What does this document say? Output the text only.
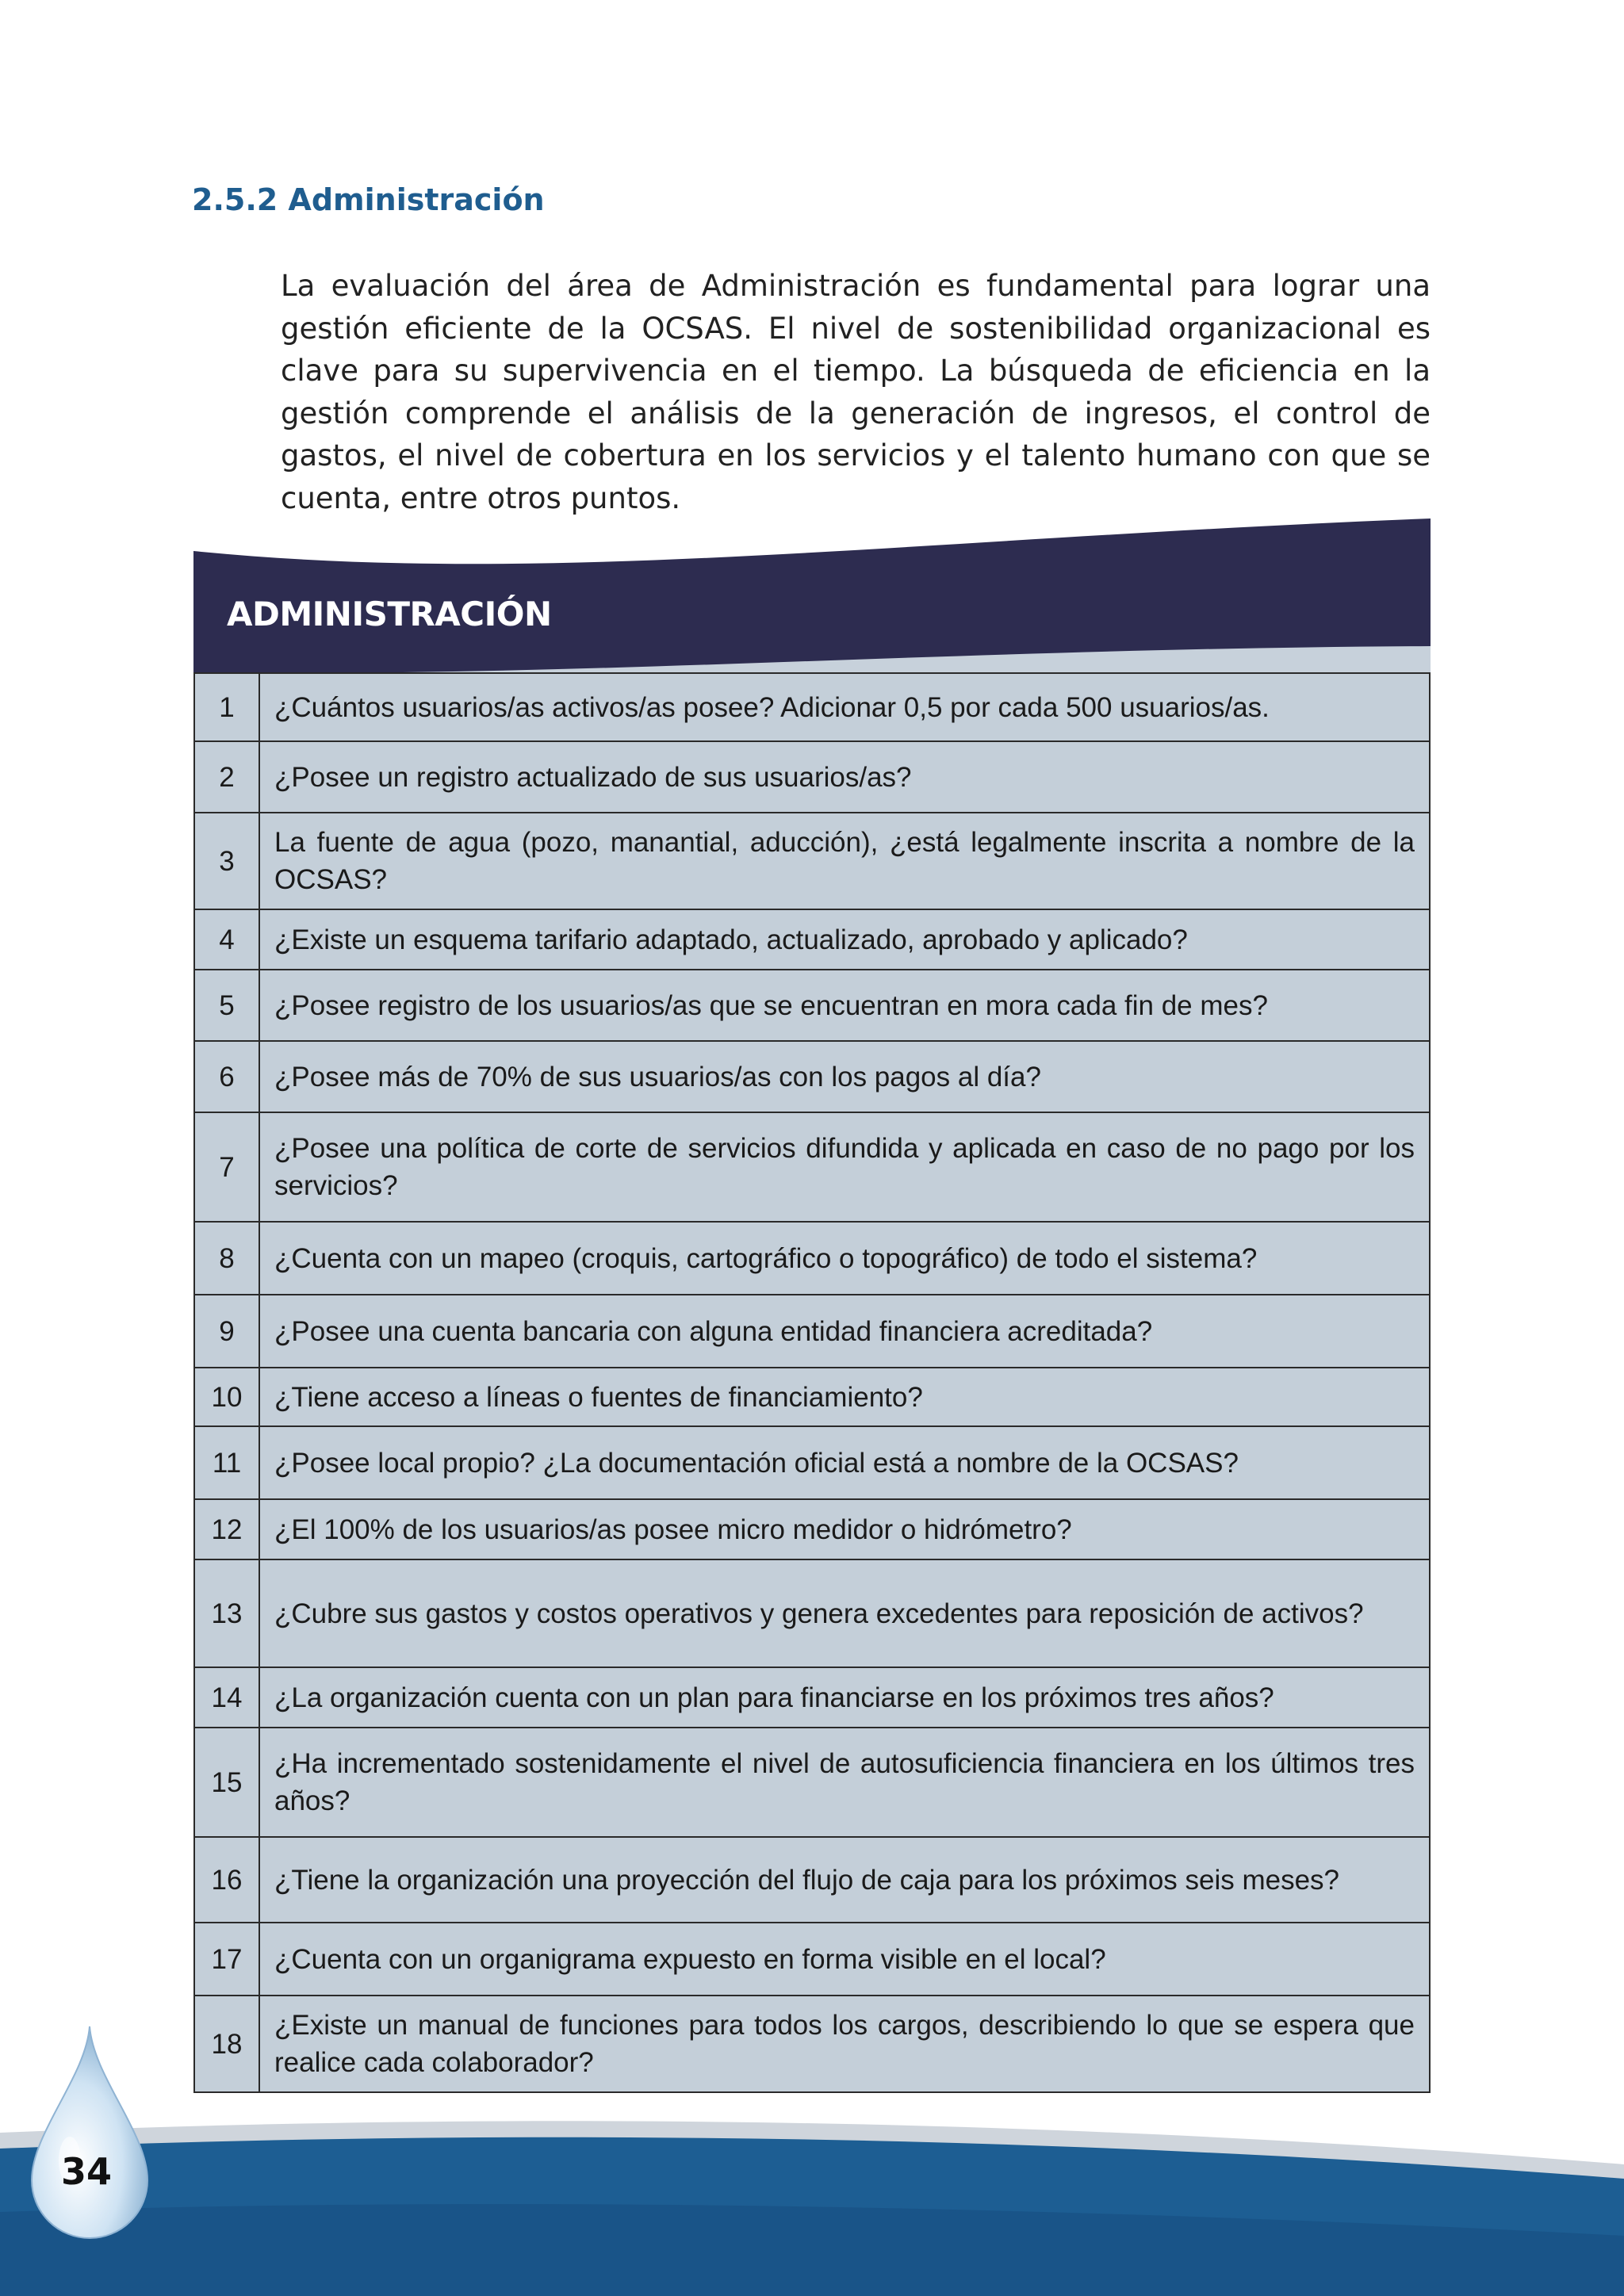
2.5.2 Administración

La evaluación del área de Administración es fundamental para lograr una gestión eficiente de la OCSAS. El nivel de sostenibilidad organizacional es clave para su supervivencia en el tiempo. La búsqueda de eficiencia en la gestión comprende el análisis de la generación de ingresos, el control de gastos, el nivel de cobertura en los servicios y el talento humano con que se cuenta, entre otros puntos.

ADMINISTRACIÓN
1	¿Cuántos usuarios/as activos/as posee? Adicionar 0,5 por cada 500 usuarios/as.
2	¿Posee un registro actualizado de sus usuarios/as?
3	La fuente de agua (pozo, manantial, aducción), ¿está legalmente inscrita a nombre de la OCSAS?
4	¿Existe un esquema tarifario adaptado, actualizado, aprobado y aplicado?
5	¿Posee registro de los usuarios/as que se encuentran en mora cada fin de mes?
6	¿Posee más de 70% de sus usuarios/as con los pagos al día?
7	¿Posee una política de corte de servicios difundida y aplicada en caso de no pago por los servicios?
8	¿Cuenta con un mapeo (croquis, cartográfico o topográfico) de todo el sistema?
9	¿Posee una cuenta bancaria con alguna entidad financiera acreditada?
10	¿Tiene acceso a líneas o fuentes de financiamiento?
11	¿Posee local propio? ¿La documentación oficial está a nombre de la OCSAS?
12	¿El 100% de los usuarios/as posee micro medidor o hidrómetro?
13	¿Cubre sus gastos y costos operativos y genera excedentes para reposición de activos?
14	¿La organización cuenta con un plan para financiarse en los próximos tres años?
15	¿Ha incrementado sostenidamente el nivel de autosuficiencia financiera en los últimos tres años?
16	¿Tiene la organización una proyección del flujo de caja para los próximos seis meses?
17	¿Cuenta con un organigrama expuesto en forma visible en el local?
18	¿Existe un manual de funciones para todos los cargos, describiendo lo que se espera que realice cada colaborador?
34
